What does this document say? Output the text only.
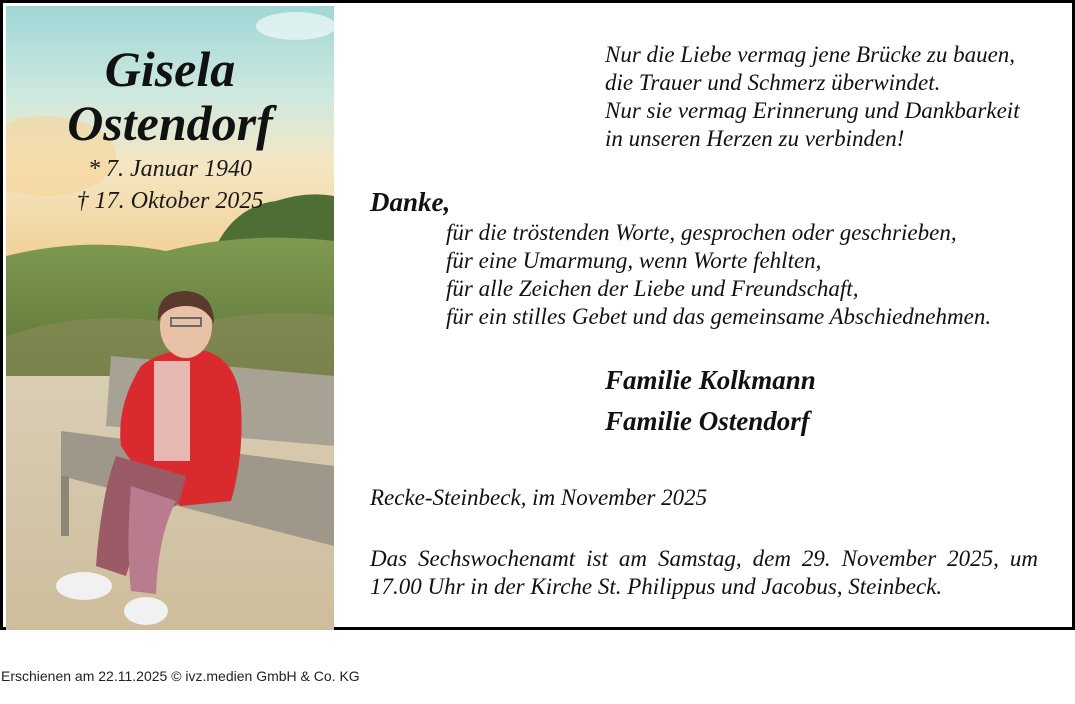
Gisela
Ostendorf
* 7. Januar 1940
† 17. Oktober 2025
Nur die Liebe vermag jene Brücke zu bauen,
die Trauer und Schmerz überwindet.
Nur sie vermag Erinnerung und Dankbarkeit
in unseren Herzen zu verbinden!
Danke,
für die tröstenden Worte, gesprochen oder geschrieben,
für eine Umarmung, wenn Worte fehlten,
für alle Zeichen der Liebe und Freundschaft,
für ein stilles Gebet und das gemeinsame Abschiednehmen.
Familie Kolkmann
Familie Ostendorf
Recke-Steinbeck, im November 2025
Das Sechswochenamt ist am Samstag, dem 29. November 2025, um
17.00 Uhr in der Kirche St. Philippus und Jacobus, Steinbeck.
Erschienen am 22.11.2025 © ivz.medien GmbH & Co. KG
